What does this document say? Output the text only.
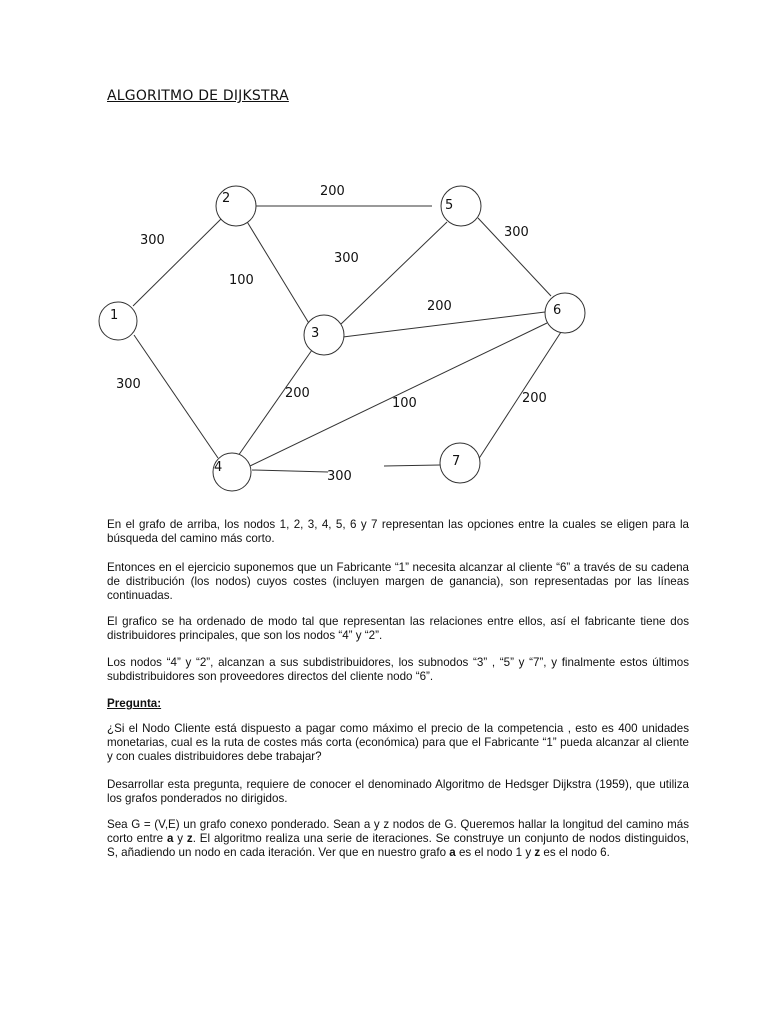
ALGORITMO DE DIJKSTRA
1
2
3
4
5
6
7
300
300
100
200
300
200
200
100
300
300
200

En el grafo de arriba, los nodos 1, 2, 3, 4, 5, 6 y 7 representan las opciones entre la cuales se eligen para la búsqueda del camino más corto.

Entonces en el ejercicio suponemos que un Fabricante “1” necesita alcanzar al cliente “6” a través de su cadena de distribución (los nodos) cuyos costes (incluyen margen de ganancia), son representadas por las líneas continuadas.

El grafico se ha ordenado de modo tal que representan las relaciones entre ellos, así el fabricante tiene dos distribuidores principales, que son los nodos “4” y “2”.

Los nodos “4” y “2”, alcanzan a sus subdistribuidores, los subnodos “3” , “5” y “7”, y finalmente estos últimos subdistribuidores son proveedores directos del cliente nodo “6”.

Pregunta:

¿Si el Nodo Cliente está dispuesto a pagar como máximo el precio de la competencia , esto es 400 unidades monetarias, cual es la ruta de costes más corta (económica) para que el Fabricante “1” pueda alcanzar al cliente y con cuales distribuidores debe trabajar?

Desarrollar esta pregunta, requiere de conocer el denominado Algoritmo de Hedsger Dijkstra (1959), que utiliza los grafos ponderados no dirigidos.

Sea G = (V,E) un grafo conexo ponderado. Sean a y z nodos de G. Queremos hallar la longitud del camino más corto entre a y z. El algoritmo realiza una serie de iteraciones. Se construye un conjunto de nodos distinguidos, S, añadiendo un nodo en cada iteración. Ver que en nuestro grafo a es el nodo 1 y z es el nodo 6.
